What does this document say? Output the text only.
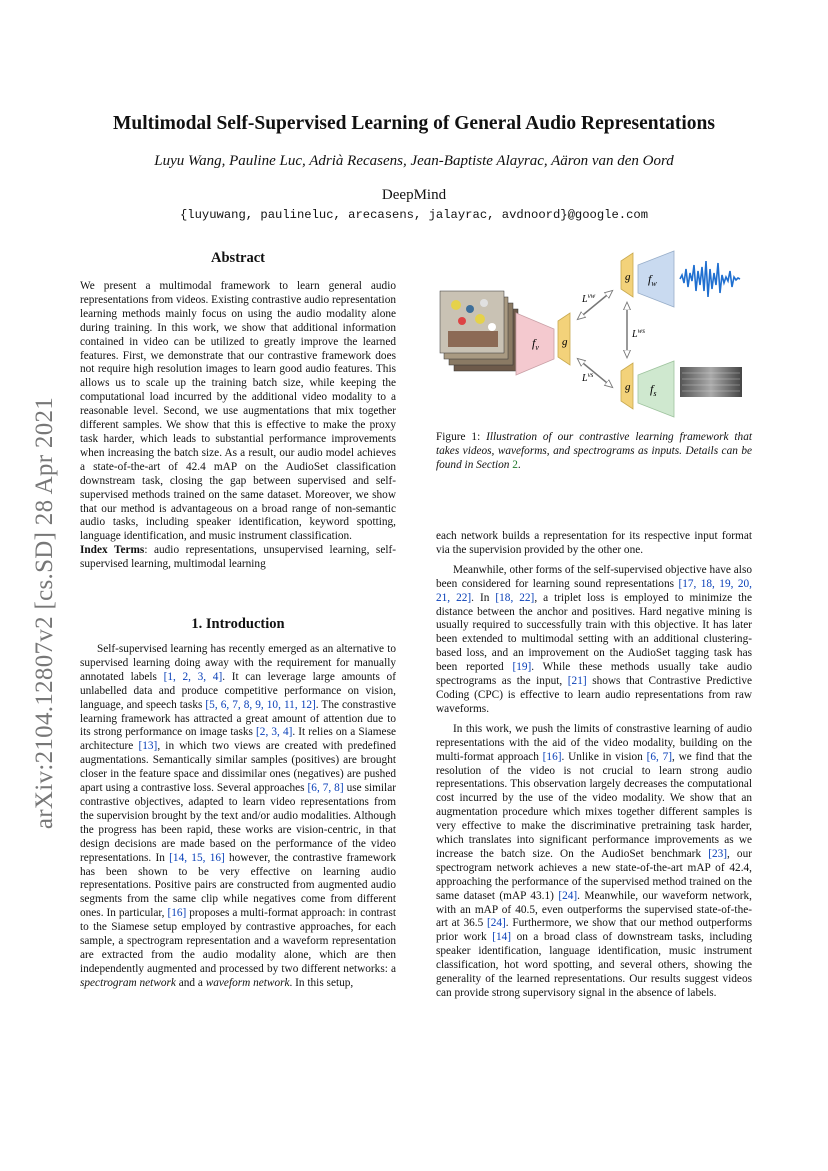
Multimodal Self-Supervised Learning of General Audio Representations
Luyu Wang, Pauline Luc, Adrià Recasens, Jean-Baptiste Alayrac, Aäron van den Oord
DeepMind
{luyuwang, paulineluc, arecasens, jalayrac, avdnoord}@google.com
arXiv:2104.12807v2 [cs.SD] 28 Apr 2021
Abstract

We present a multimodal framework to learn general audio representations from videos. Existing contrastive audio representation learning methods mainly focus on using the audio modality alone during training. In this work, we show that additional information contained in video can be utilized to greatly improve the learned features. First, we demonstrate that our contrastive framework does not require high resolution images to learn good audio features. This allows us to scale up the training batch size, while keeping the computational load incurred by the additional video modality to a reasonable level. Second, we use augmentations that mix together different samples. We show that this is effective to make the proxy task harder, which leads to substantial performance improvements when increasing the batch size. As a result, our audio model achieves a state-of-the-art of 42.4 mAP on the AudioSet classification downstream task, closing the gap between supervised and self-supervised methods trained on the same dataset. Moreover, we show that our method is advantageous on a broad range of non-semantic audio tasks, including speaker identification, keyword spotting, language identification, and music instrument classification.

Index Terms: audio representations, unsupervised learning, self-supervised learning, multimodal learning

1. Introduction

Self-supervised learning has recently emerged as an alternative to supervised learning doing away with the requirement for manually annotated labels [1, 2, 3, 4]. It can leverage large amounts of unlabelled data and produce competitive performance on vision, language, and speech tasks [5, 6, 7, 8, 9, 10, 11, 12]. The constrastive learning framework has attracted a great amount of attention due to its strong performance on image tasks [2, 3, 4]. It relies on a Siamese architecture [13], in which two views are created with predefined augmentations. Semantically similar samples (positives) are brought closer in the feature space and dissimilar ones (negatives) are pushed apart using a contrastive loss. Several approaches [6, 7, 8] use similar contrastive objectives, adapted to learn video representations from the supervision brought by the text and/or audio modalities. Although the progress has been rapid, these works are vision-centric, in that design decisions are made based on the performance of the video representations. In [14, 15, 16] however, the contrastive framework has been shown to be very effective on learning audio representations. Positive pairs are constructed from augmented audio segments from the same clip while negatives come from different ones. In particular, [16] proposes a multi-format approach: in contrast to the Siamese setup employed by contrastive approaches, for each sample, a spectrogram representation and a waveform representation are extracted from the audio modality alone, which are then independently augmented and processed by two different networks: a spectrogram network and a waveform network. In this setup,

$f_v$ g
g $f_w$
g $f_s$
$L^{vw}$
$L^{ws}$
$L^{vs}$
Figure 1: Illustration of our contrastive learning framework that takes videos, waveforms, and spectrograms as inputs. Details can be found in Section 2.

each network builds a representation for its respective input format via the supervision provided by the other one.

Meanwhile, other forms of the self-supervised objective have also been considered for learning sound representations [17, 18, 19, 20, 21, 22]. In [18, 22], a triplet loss is employed to minimize the distance between the anchor and positives. Hard negative mining is usually required to successfully train with this objective. It has later been extended to multimodal setting with an additional clustering-based loss, and an improvement on the AudioSet tagging task has been reported [19]. While these methods usually take audio spectrograms as the input, [21] shows that Contrastive Predictive Coding (CPC) is effective to learn audio representations from raw waveforms.

In this work, we push the limits of constrastive learning of audio representations with the aid of the video modality, building on the multi-format approach [16]. Unlike in vision [6, 7], we find that the resolution of the video is not crucial to learn strong audio representations. This observation largely decreases the computational cost incurred by the use of the video modality. We show that an augmentation procedure which mixes together different samples is very effective to make the discriminative pretraining task harder, which translates into significant performance improvements as we increase the batch size. On the AudioSet benchmark [23], our spectrogram network achieves a new state-of-the-art mAP of 42.4, approaching the performance of the supervised method trained on the same dataset (mAP 43.1) [24]. Meanwhile, our waveform network, with an mAP of 40.5, even outperforms the supervised state-of-the-art at 36.5 [24]. Furthermore, we show that our method outperforms prior work [14] on a broad class of downstream tasks, including speaker identification, language identification, music instrument classification, hot word spotting, and several others, showing the generality of the learned representations. Our results suggest videos can provide strong supervisory signal in the absence of labels.
